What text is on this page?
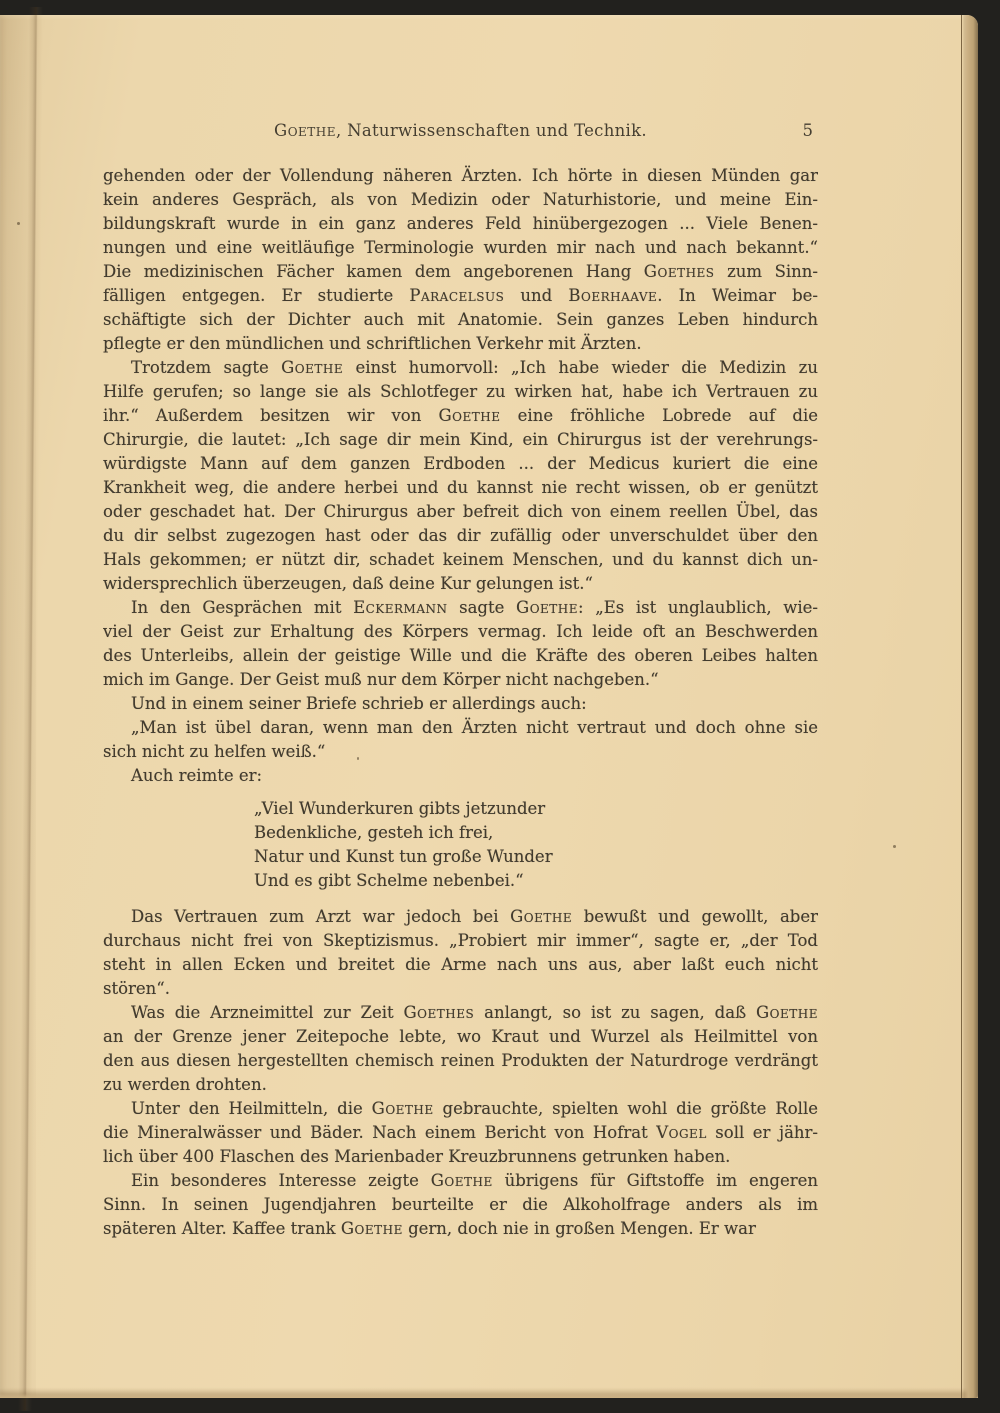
Goethe, Naturwissenschaften und Technik.	5
gehenden oder der Vollendung näheren Ärzten. Ich hörte in diesen Münden gar
kein anderes Gespräch, als von Medizin oder Naturhistorie, und meine Ein-
bildungskraft wurde in ein ganz anderes Feld hinübergezogen ... Viele Benen-
nungen und eine weitläufige Terminologie wurden mir nach und nach bekannt.“
Die medizinischen Fächer kamen dem angeborenen Hang Goethes zum Sinn-
fälligen entgegen. Er studierte Paracelsus und Boerhaave. In Weimar be-
schäftigte sich der Dichter auch mit Anatomie. Sein ganzes Leben hindurch
pflegte er den mündlichen und schriftlichen Verkehr mit Ärzten.
Trotzdem sagte Goethe einst humorvoll: „Ich habe wieder die Medizin zu
Hilfe gerufen; so lange sie als Schlotfeger zu wirken hat, habe ich Vertrauen zu
ihr.“ Außerdem besitzen wir von Goethe eine fröhliche Lobrede auf die
Chirurgie, die lautet: „Ich sage dir mein Kind, ein Chirurgus ist der verehrungs-
würdigste Mann auf dem ganzen Erdboden ... der Medicus kuriert die eine
Krankheit weg, die andere herbei und du kannst nie recht wissen, ob er genützt
oder geschadet hat. Der Chirurgus aber befreit dich von einem reellen Übel, das
du dir selbst zugezogen hast oder das dir zufällig oder unverschuldet über den
Hals gekommen; er nützt dir, schadet keinem Menschen, und du kannst dich un-
widersprechlich überzeugen, daß deine Kur gelungen ist.“
In den Gesprächen mit Eckermann sagte Goethe: „Es ist unglaublich, wie-
viel der Geist zur Erhaltung des Körpers vermag. Ich leide oft an Beschwerden
des Unterleibs, allein der geistige Wille und die Kräfte des oberen Leibes halten
mich im Gange. Der Geist muß nur dem Körper nicht nachgeben.“
Und in einem seiner Briefe schrieb er allerdings auch:
„Man ist übel daran, wenn man den Ärzten nicht vertraut und doch ohne sie
sich nicht zu helfen weiß.“
Auch reimte er:
„Viel Wunderkuren gibts jetzunder
Bedenkliche, gesteh ich frei,
Natur und Kunst tun große Wunder
Und es gibt Schelme nebenbei.“
Das Vertrauen zum Arzt war jedoch bei Goethe bewußt und gewollt, aber
durchaus nicht frei von Skeptizismus. „Probiert mir immer“, sagte er, „der Tod
steht in allen Ecken und breitet die Arme nach uns aus, aber laßt euch nicht
stören“.
Was die Arzneimittel zur Zeit Goethes anlangt, so ist zu sagen, daß Goethe
an der Grenze jener Zeitepoche lebte, wo Kraut und Wurzel als Heilmittel von
den aus diesen hergestellten chemisch reinen Produkten der Naturdroge verdrängt
zu werden drohten.
Unter den Heilmitteln, die Goethe gebrauchte, spielten wohl die größte Rolle
die Mineralwässer und Bäder. Nach einem Bericht von Hofrat Vogel soll er jähr-
lich über 400 Flaschen des Marienbader Kreuzbrunnens getrunken haben.
Ein besonderes Interesse zeigte Goethe übrigens für Giftstoffe im engeren
Sinn. In seinen Jugendjahren beurteilte er die Alkoholfrage anders als im
späteren Alter. Kaffee trank Goethe gern, doch nie in großen Mengen. Er war
